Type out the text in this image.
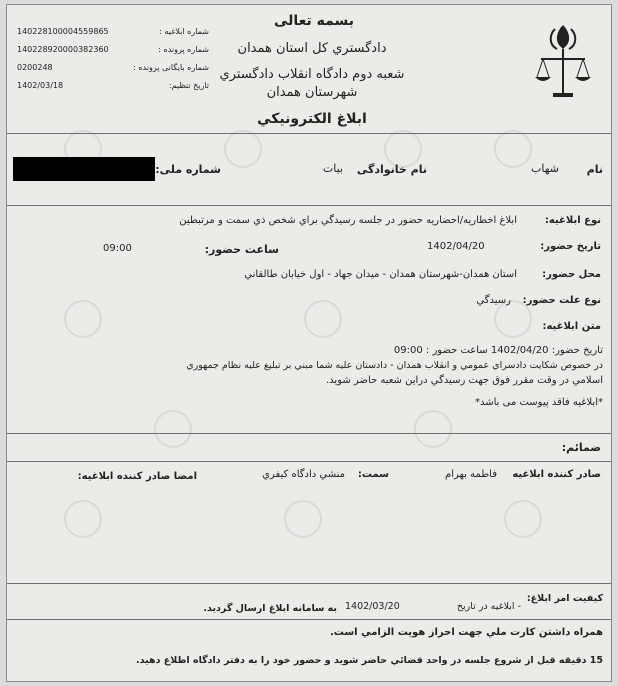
بسمه تعالی
دادگستري كل استان همدان
شعبه دوم دادگاه انقلاب دادگستري
شهرستان همدان
ابلاغ الكترونيكي
شماره ابلاغیه :
140228100004559865
شماره پرونده :
140228920000382360
شماره بایگانی پرونده :
0200248
تاریخ تنظیم:
1402/03/18
نام
شهاب
نام خانوادگی
بیات
شماره ملی:
نوع ابلاغیه:
ابلاغ اخطاريه/احضاريه حضور در جلسه رسيدگي براي شخص ذي سمت و مرتبطين
تاریخ حضور:
1402/04/20
ساعت حضور:
09:00
محل حضور:
استان همدان-شهرستان همدان - ميدان جهاد - اول خيابان طالقاني
نوع علت حضور:
رسيدگي
متن ابلاغیه:
تاريخ حضور: 1402/04/20 ساعت حضور : 09:00
در خصوص شكايت دادسراي عمومي و انقلاب همدان - دادستان عليه شما مبني بر تبليغ عليه نظام جمهوري
اسلامي در وقت مقرر فوق جهت رسيدگي دراين شعبه حاضر شويد.
*ابلاغیه فاقد پیوست می باشد*
ضمائم:
صادر كننده ابلاغيه
فاطمه بهرام
سمت:
منشي دادگاه كيفري
امضا صادر کننده ابلاغیه:
کیفیت امر ابلاغ:
- ابلاغیه در تاریخ
1402/03/20
به سامانه ابلاغ ارسال گردید.
همراه داشتن كارت ملي جهت احراز هويت الزامي است.
15 دقيقه قبل از شروع جلسه در واحد قضائي حاضر شويد و حضور خود را به دفتر دادگاه اطلاع دهيد.
